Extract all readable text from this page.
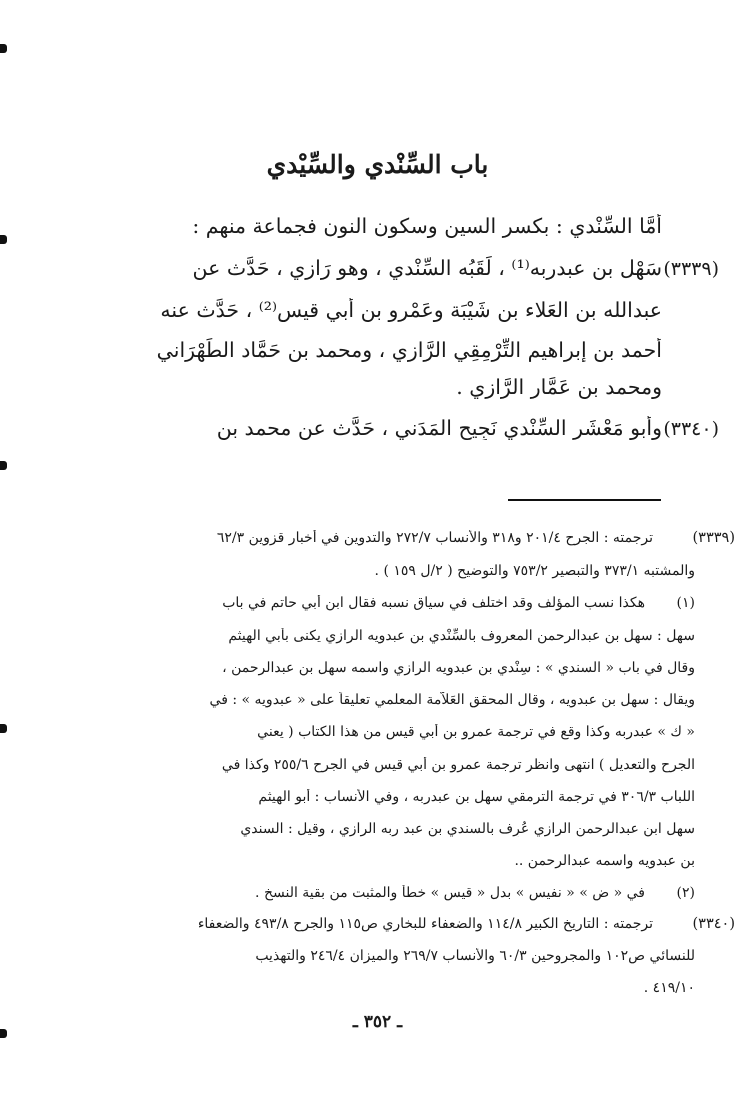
باب السِّنْدي والسِّيْدي
أَمَّا السِّنْدي : بكسر السين وسكون النون فجماعة منهم :
(٣٣٣٩)
سَهْل بن عبدربه⁽¹⁾ ، لَقَبُه السِّنْدي ، وهو رَازِي ، حَدَّث عن
عبدالله بن العَلاء بن شَيْبَة وعَمْرو بن أبي قيس⁽²⁾ ، حَدَّث عنه
أحمد بن إبراهيم التِّرْمِقِي الرَّازي ، ومحمد بن حَمَّاد الطِّهْرَاني
ومحمد بن عَمَّار الرَّازي .
(٣٣٤٠)
وأبو مَعْشَر السِّنْدي نَجِيح المَدَني ، حَدَّث عن محمد بن
(٣٣٣٩)
ترجمته : الجرح ٢٠١/٤ و٣١٨ والأنساب ٢٧٢/٧ والتدوين في أخبار قزوين ٦٢/٣
والمشتبه ٣٧٣/١ والتبصير ٧٥٣/٢ والتوضيح ( ٢/ل ١٥٩ ) .
(١)
هكذا نسب المؤلف وقد اختلف في سياق نسبه فقال ابن أبي حاتم في باب
سهل : سهل بن عبدالرحمن المعروف بالسِّنْدي بن عبدويه الرازي يكنى بأبي الهيثم
وقال في باب « السندي » : سِنْدي بن عبدويه الرازي واسمه سهل بن عبدالرحمن ،
ويقال : سهل بن عبدويه ، وقال المحقق العَلاَّمة المعلمي تعليقاً على « عبدويه » : في
« ك » عبدربه وكذا وقع في ترجمة عمرو بن أبي قيس من هذا الكتاب ( يعني
الجرح والتعديل ) انتهى وانظر ترجمة عمرو بن أبي قيس في الجرح ٢٥٥/٦ وكذا في
اللباب ٣٠٦/٣ في ترجمة الترمقي سهل بن عبدربه ، وفي الأنساب : أبو الهيثم
سهل ابن عبدالرحمن الرازي عُرِف بالسندي بن عبد ربه الرازي ، وقيل : السندي
بن عبدويه واسمه عبدالرحمن ..
(٢)
في « ض » « نفيس » بدل « قيس » خطأ والمثبت من بقية النسخ .
(٣٣٤٠)
ترجمته : التاريخ الكبير ١١٤/٨ والضعفاء للبخاري ص١١٥ والجرح ٤٩٣/٨ والضعفاء
للنسائي ص١٠٢ والمجروحين ٦٠/٣ والأنساب ٢٦٩/٧ والميزان ٢٤٦/٤ والتهذيب
٤١٩/١٠ .
ـ ٣٥٢ ـ
